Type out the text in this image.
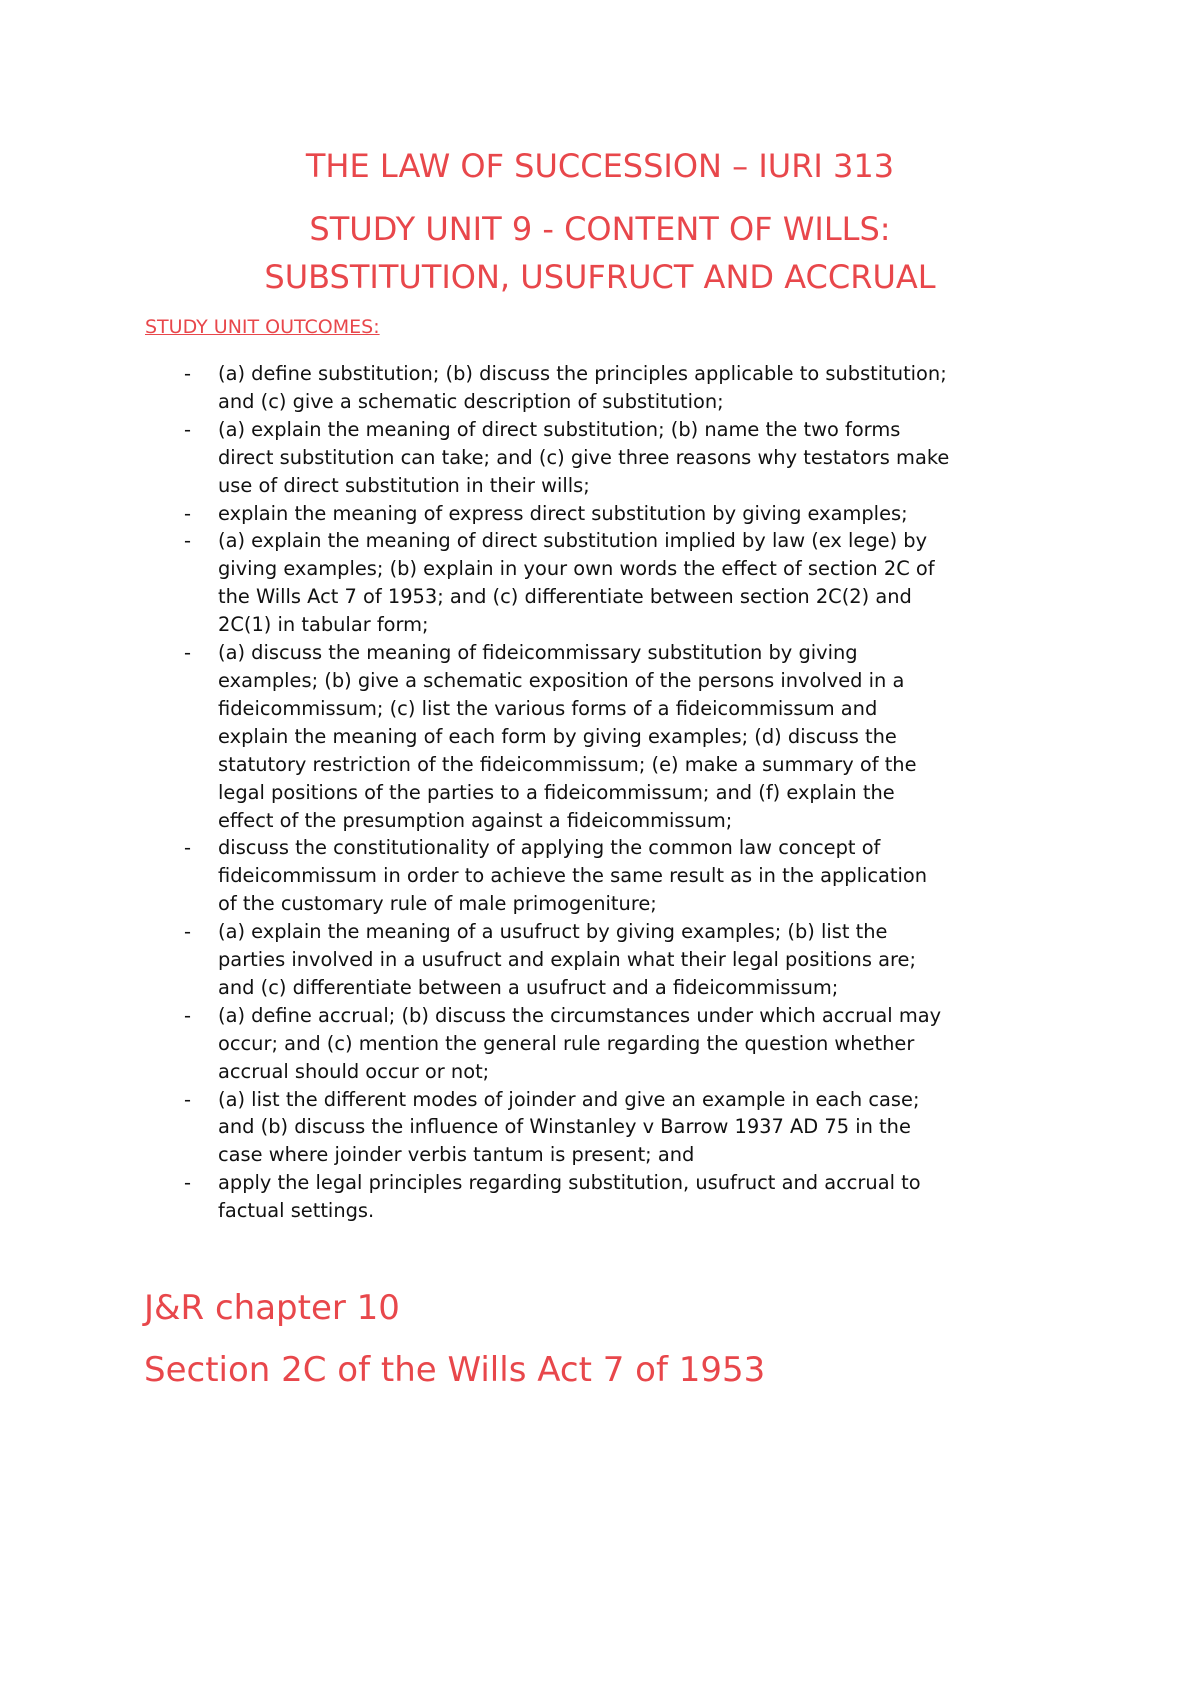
THE LAW OF SUCCESSION – IURI 313
STUDY UNIT 9 - CONTENT OF WILLS:
SUBSTITUTION, USUFRUCT AND ACCRUAL
STUDY UNIT OUTCOMES:
- (a) define substitution; (b) discuss the principles applicable to substitution;
and (c) give a schematic description of substitution;
- (a) explain the meaning of direct substitution; (b) name the two forms
direct substitution can take; and (c) give three reasons why testators make
use of direct substitution in their wills;
- explain the meaning of express direct substitution by giving examples;
- (a) explain the meaning of direct substitution implied by law (ex lege) by
giving examples; (b) explain in your own words the effect of section 2C of
the Wills Act 7 of 1953; and (c) differentiate between section 2C(2) and
2C(1) in tabular form;
- (a) discuss the meaning of fideicommissary substitution by giving
examples; (b) give a schematic exposition of the persons involved in a
fideicommissum; (c) list the various forms of a fideicommissum and
explain the meaning of each form by giving examples; (d) discuss the
statutory restriction of the fideicommissum; (e) make a summary of the
legal positions of the parties to a fideicommissum; and (f) explain the
effect of the presumption against a fideicommissum;
- discuss the constitutionality of applying the common law concept of
fideicommissum in order to achieve the same result as in the application
of the customary rule of male primogeniture;
- (a) explain the meaning of a usufruct by giving examples; (b) list the
parties involved in a usufruct and explain what their legal positions are;
and (c) differentiate between a usufruct and a fideicommissum;
- (a) define accrual; (b) discuss the circumstances under which accrual may
occur; and (c) mention the general rule regarding the question whether
accrual should occur or not;
- (a) list the different modes of joinder and give an example in each case;
and (b) discuss the influence of Winstanley v Barrow 1937 AD 75 in the
case where joinder verbis tantum is present; and
- apply the legal principles regarding substitution, usufruct and accrual to
factual settings.
J&R chapter 10
Section 2C of the Wills Act 7 of 1953
